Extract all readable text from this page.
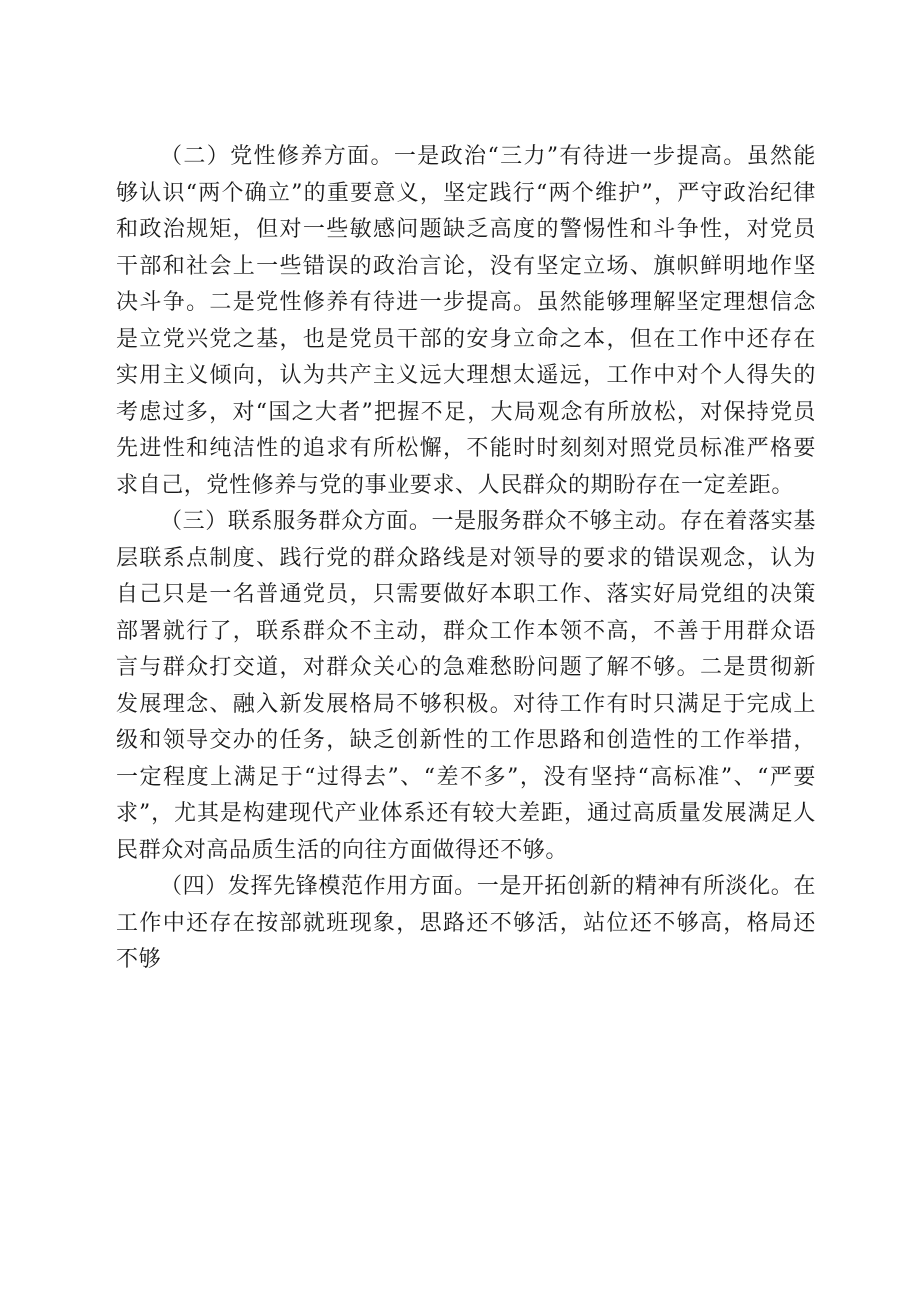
（二）党性修养方面。一是政治“三力”有待进一步提高。虽然能够认识“两个确立”的重要意义，坚定践行“两个维护”，严守政治纪律和政治规矩，但对一些敏感问题缺乏高度的警惕性和斗争性，对党员干部和社会上一些错误的政治言论，没有坚定立场、旗帜鲜明地作坚决斗争。二是党性修养有待进一步提高。虽然能够理解坚定理想信念是立党兴党之基，也是党员干部的安身立命之本，但在工作中还存在实用主义倾向，认为共产主义远大理想太遥远，工作中对个人得失的考虑过多，对“国之大者”把握不足，大局观念有所放松，对保持党员先进性和纯洁性的追求有所松懈，不能时时刻刻对照党员标准严格要求自己，党性修养与党的事业要求、人民群众的期盼存在一定差距。

（三）联系服务群众方面。一是服务群众不够主动。存在着落实基层联系点制度、践行党的群众路线是对领导的要求的错误观念，认为自己只是一名普通党员，只需要做好本职工作、落实好局党组的决策部署就行了，联系群众不主动，群众工作本领不高，不善于用群众语言与群众打交道，对群众关心的急难愁盼问题了解不够。二是贯彻新发展理念、融入新发展格局不够积极。对待工作有时只满足于完成上级和领导交办的任务，缺乏创新性的工作思路和创造性的工作举措，一定程度上满足于“过得去”、“差不多”，没有坚持“高标准”、“严要求”，尤其是构建现代产业体系还有较大差距，通过高质量发展满足人民群众对高品质生活的向往方面做得还不够。

（四）发挥先锋模范作用方面。一是开拓创新的精神有所淡化。在工作中还存在按部就班现象，思路还不够活，站位还不够高，格局还不够
